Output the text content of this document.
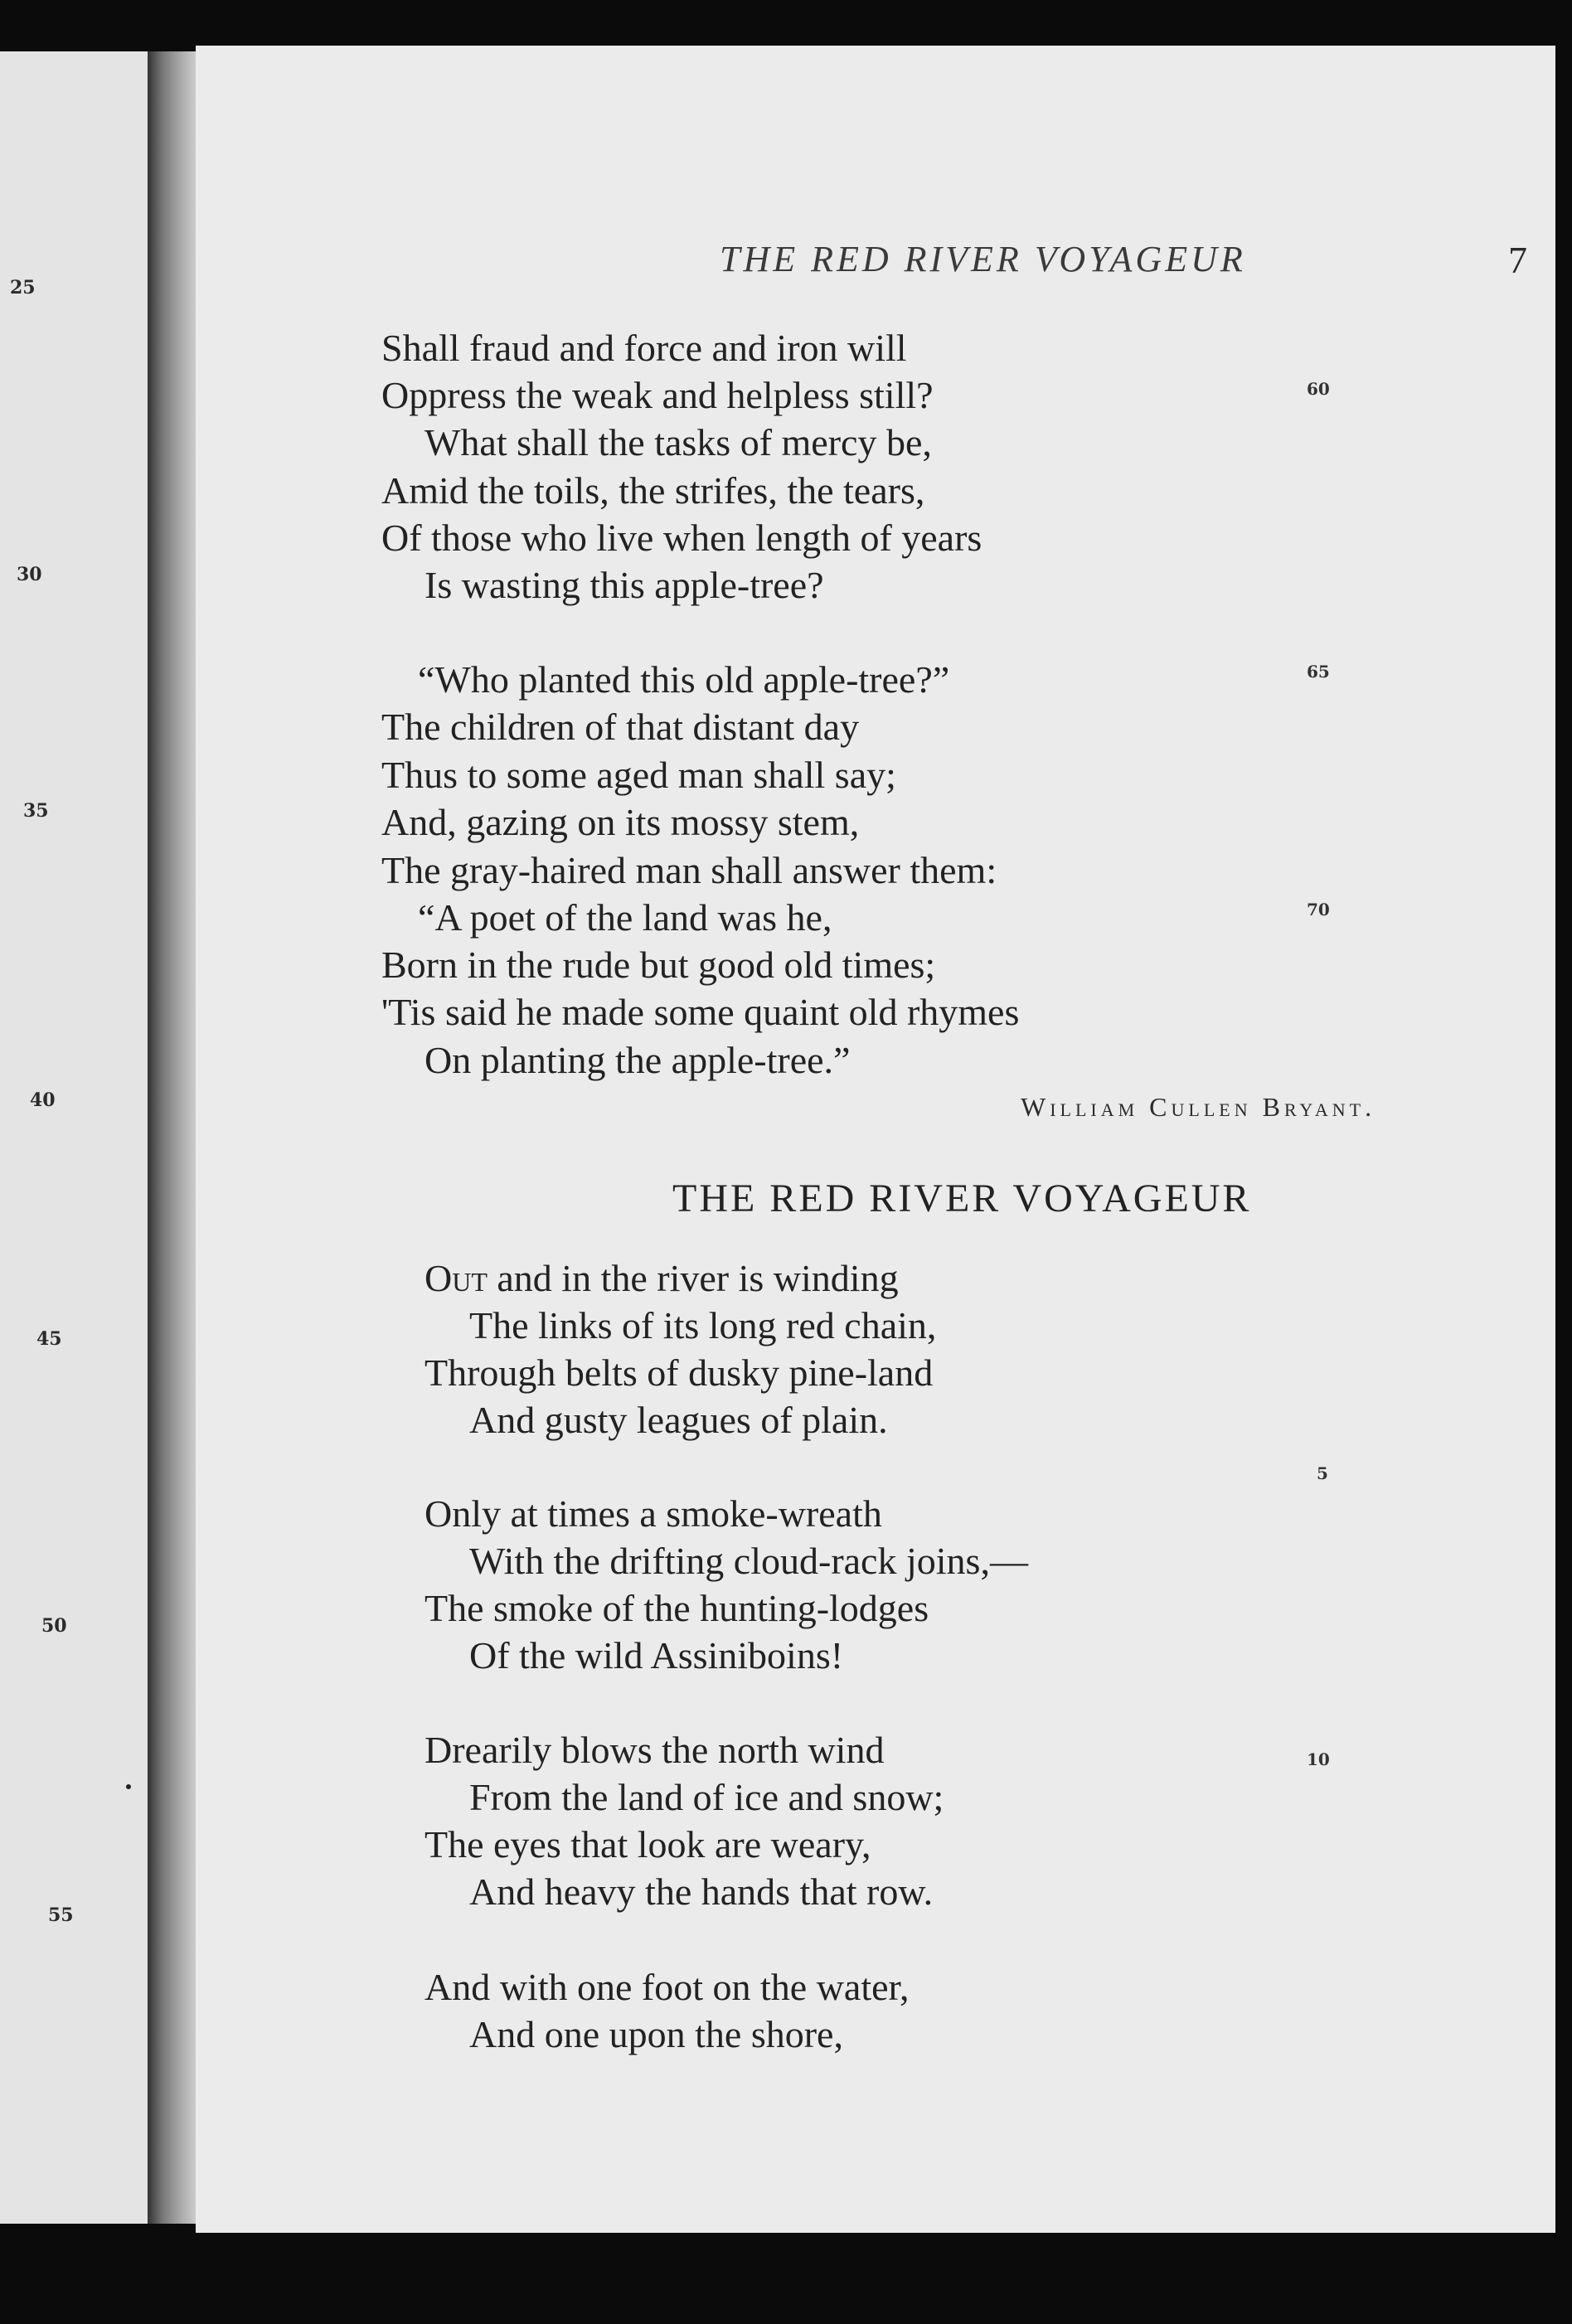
25
30
35
40
45
50
55
THE RED RIVER VOYAGEUR	7
Shall fraud and force and iron will
Oppress the weak and helpless still?
What shall the tasks of mercy be,
Amid the toils, the strifes, the tears,
Of those who live when length of years
Is wasting this apple-tree?
“Who planted this old apple-tree?”
The children of that distant day
Thus to some aged man shall say;
And, gazing on its mossy stem,
The gray-haired man shall answer them:
“A poet of the land was he,
Born in the rude but good old times;
'Tis said he made some quaint old rhymes
On planting the apple-tree.”
60
65
70
William Cullen Bryant.
THE RED RIVER VOYAGEUR
Out and in the river is winding
The links of its long red chain,
Through belts of dusky pine-land
And gusty leagues of plain.
Only at times a smoke-wreath
With the drifting cloud-rack joins,—
The smoke of the hunting-lodges
Of the wild Assiniboins!
Drearily blows the north wind
From the land of ice and snow;
The eyes that look are weary,
And heavy the hands that row.
And with one foot on the water,
And one upon the shore,
5
10
